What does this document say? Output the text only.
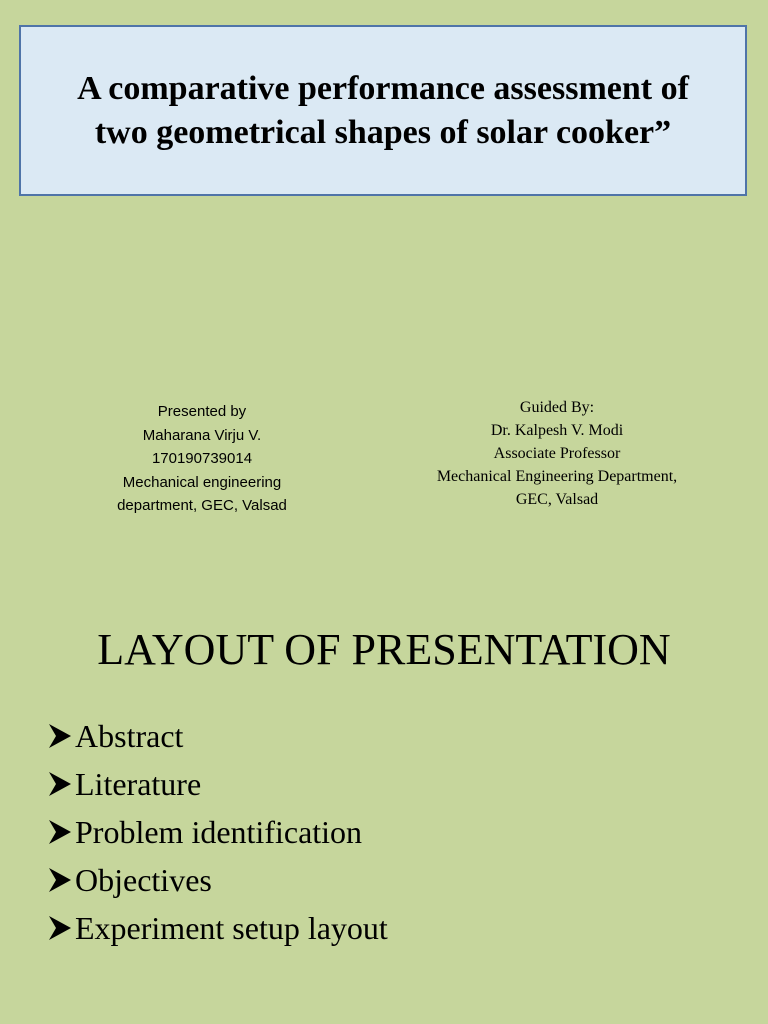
A comparative performance assessment of
two geometrical shapes of solar cooker”
Presented by
Maharana Virju V.
170190739014
Mechanical engineering
department, GEC, Valsad
Guided By:
Dr. Kalpesh V. Modi
Associate Professor
Mechanical Engineering Department,
GEC, Valsad
LAYOUT OF PRESENTATION
Abstract
Literature
Problem identification
Objectives
Experiment setup layout
